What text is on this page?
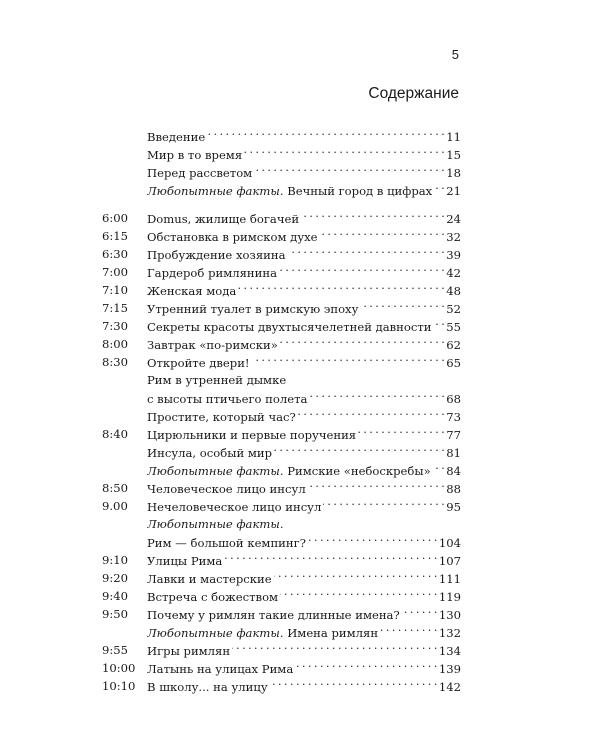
5
Содержание
Введение . . .	11
Мир в то время . . .	15
Перед рассветом . . .	18
Любопытные факты. Вечный город в цифрах . . . 21
6:00	Domus, жилище богачей . . .	24
6:15	Обстановка в римском духе . . .	32
6:30	Пробуждение хозяина . . .	39
7:00	Гардероб римлянина . . .	42
7:10	Женская мода . . .	48
7:15	Утренний туалет в римскую эпоху . . .	52
7:30	Секреты красоты двухтысячелетней давности . . . 55
8:00	Завтрак «по-римски» . . .	62
8:30	Откройте двери! . . .	65
Рим в утренней дымке
с высоты птичьего полета . . .	68
Простите, который час? . . .	73
8:40	Цирюльники и первые поручения . . .	77
Инсула, особый мир . . .	81
Любопытные факты. Римские «небоскребы» . . . 84
8:50	Человеческое лицо инсул . . .	88
9.00	Нечеловеческое лицо инсул . . .	95
Любопытные факты.
Рим — большой кемпинг? . . .	104
9:10	Улицы Рима . . .	107
9:20	Лавки и мастерские . . .	111
9:40	Встреча с божеством . . .	119
9:50	Почему у римлян такие длинные имена? . . .	130
Любопытные факты. Имена римлян . . .	132
9:55	Игры римлян . . .	134
10:00 Латынь на улицах Рима . . .	139
10:10 В школу... на улицу . . .	142
